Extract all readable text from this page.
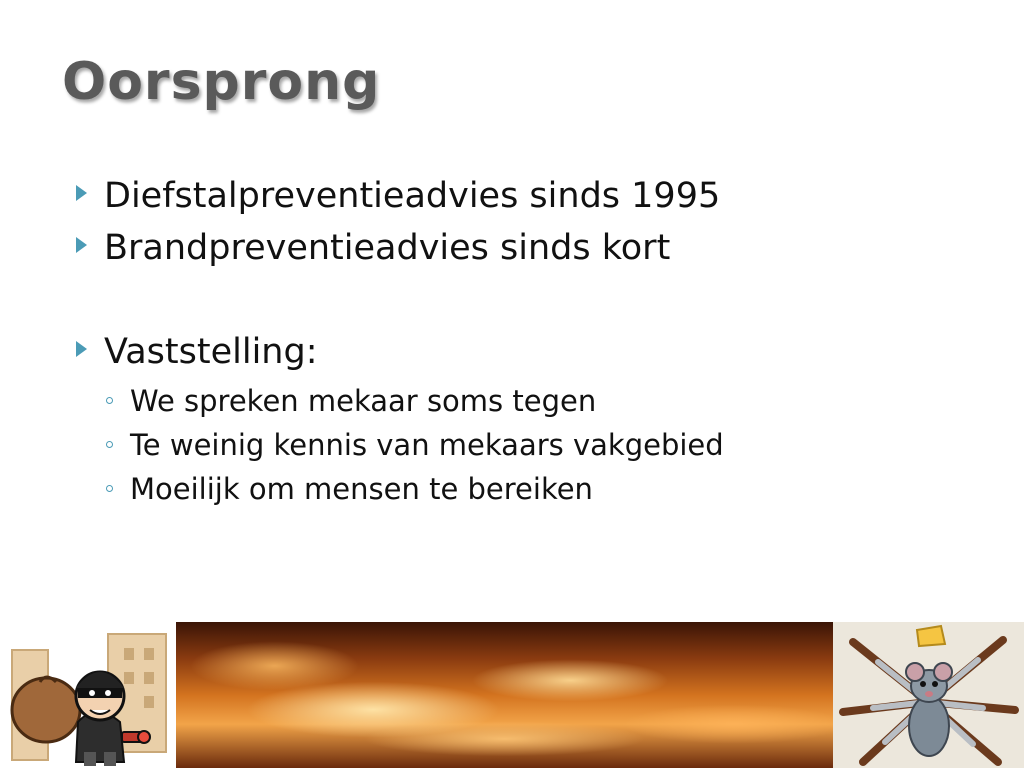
Oorsprong
Diefstalpreventieadvies sinds 1995
Brandpreventieadvies sinds kort
Vaststelling:
We spreken mekaar soms tegen
Te weinig kennis van mekaars vakgebied
Moeilijk om mensen te bereiken
